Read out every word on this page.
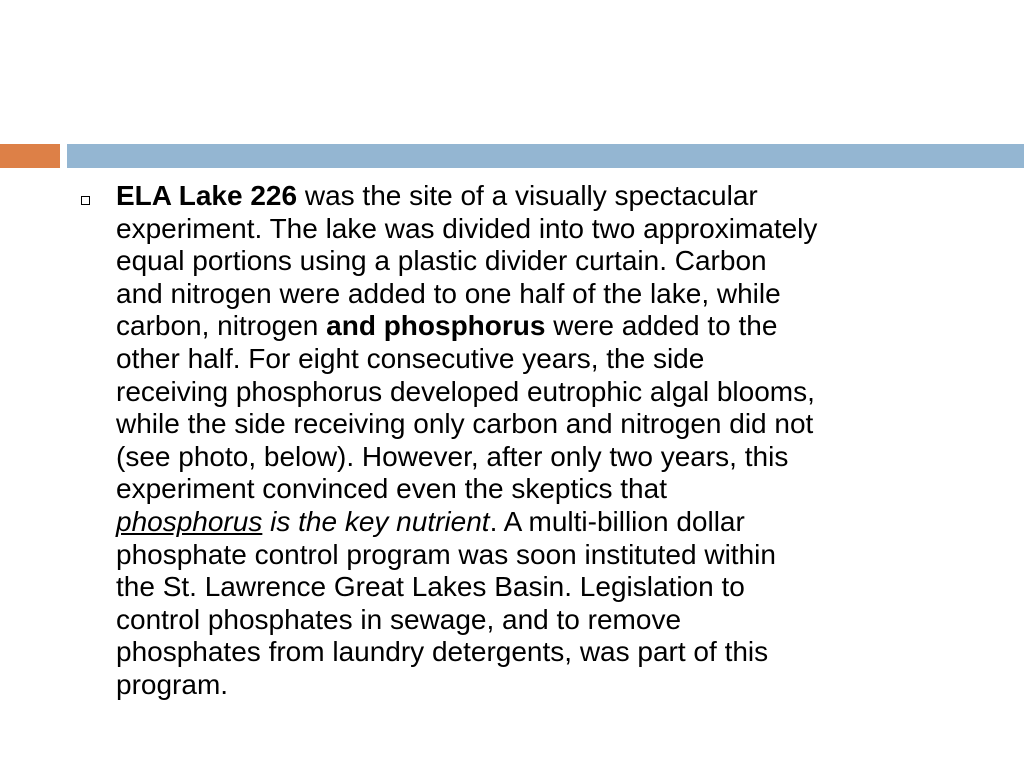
ELA Lake 226 was the site of a visually spectacular
experiment. The lake was divided into two approximately
equal portions using a plastic divider curtain. Carbon
and nitrogen were added to one half of the lake, while
carbon, nitrogen and phosphorus were added to the
other half. For eight consecutive years, the side
receiving phosphorus developed eutrophic algal blooms,
while the side receiving only carbon and nitrogen did not
(see photo, below). However, after only two years, this
experiment convinced even the skeptics that
phosphorus is the key nutrient. A multi-billion dollar
phosphate control program was soon instituted within
the St. Lawrence Great Lakes Basin. Legislation to
control phosphates in sewage, and to remove
phosphates from laundry detergents, was part of this
program.
